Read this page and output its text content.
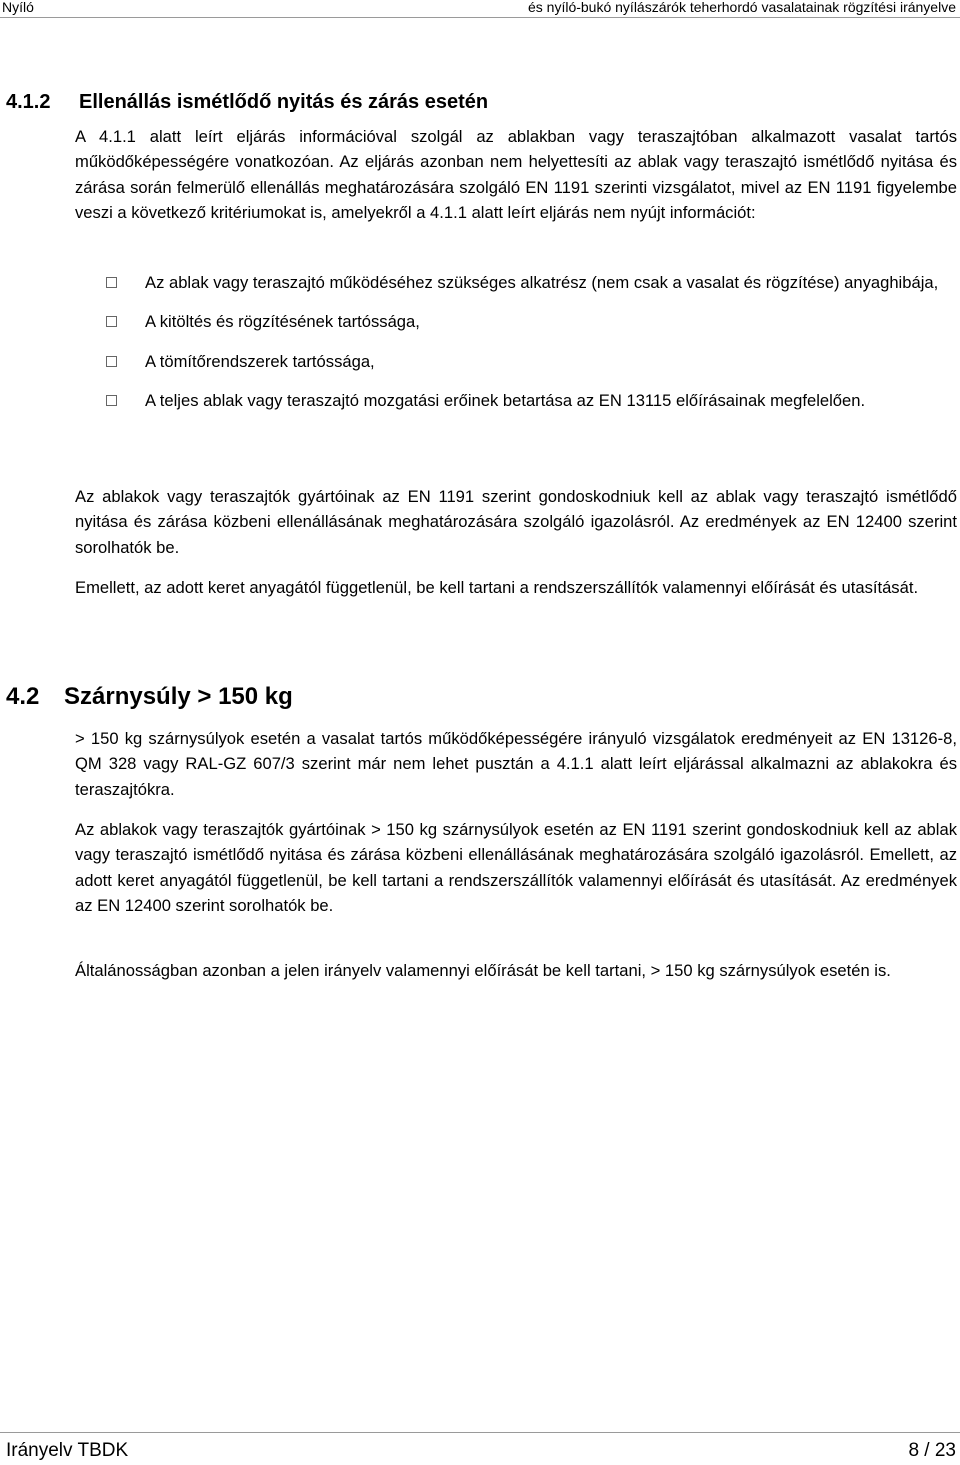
Nyíló	és nyíló-bukó nyílászárók teherhordó vasalatainak rögzítési irányelve
4.1.2 Ellenállás ismétlődő nyitás és zárás esetén

A 4.1.1 alatt leírt eljárás információval szolgál az ablakban vagy teraszajtóban alkalmazott vasalat tartós működőképességére vonatkozóan. Az eljárás azonban nem helyettesíti az ablak vagy teraszajtó ismétlődő nyitása és zárása során felmerülő ellenállás meghatározására szolgáló EN 1191 szerinti vizsgálatot, mivel az EN 1191 figyelembe veszi a következő kritériumokat is, amelyekről a 4.1.1 alatt leírt eljárás nem nyújt információt:

Az ablak vagy teraszajtó működéséhez szükséges alkatrész (nem csak a vasalat és rögzítése) anyaghibája,
A kitöltés és rögzítésének tartóssága,
A tömítőrendszerek tartóssága,
A teljes ablak vagy teraszajtó mozgatási erőinek betartása az EN 13115 előírásainak megfelelően.

Az ablakok vagy teraszajtók gyártóinak az EN 1191 szerint gondoskodniuk kell az ablak vagy teraszajtó ismétlődő nyitása és zárása közbeni ellenállásának meghatározására szolgáló igazolásról. Az eredmények az EN 12400 szerint sorolhatók be.

Emellett, az adott keret anyagától függetlenül, be kell tartani a rendszerszállítók valamennyi előírását és utasítását.

4.2 Szárnysúly > 150 kg

> 150 kg szárnysúlyok esetén a vasalat tartós működőképességére irányuló vizsgálatok eredményeit az EN 13126-8, QM 328 vagy RAL-GZ 607/3 szerint már nem lehet pusztán a 4.1.1 alatt leírt eljárással alkalmazni az ablakokra és teraszajtókra.

Az ablakok vagy teraszajtók gyártóinak > 150 kg szárnysúlyok esetén az EN 1191 szerint gondoskodniuk kell az ablak vagy teraszajtó ismétlődő nyitása és zárása közbeni ellenállásának meghatározására szolgáló igazolásról. Emellett, az adott keret anyagától függetlenül, be kell tartani a rendszerszállítók valamennyi előírását és utasítását. Az eredmények az EN 12400 szerint sorolhatók be.

Általánosságban azonban a jelen irányelv valamennyi előírását be kell tartani, > 150 kg szárnysúlyok esetén is.

Irányelv TBDK	8 / 23
